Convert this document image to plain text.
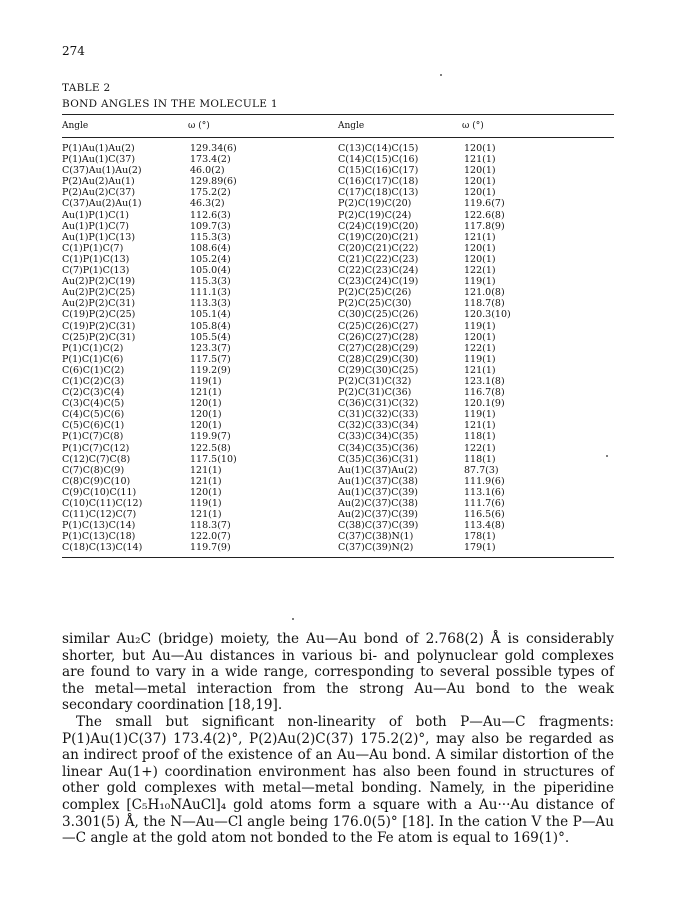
274
TABLE 2
BOND ANGLES IN THE MOLECULE 1
Angle	ω (°)	Angle	ω (°)
P(1)Au(1)Au(2)	129.34(6)	C(13)C(14)C(15)	120(1)
P(1)Au(1)C(37)	173.4(2)	C(14)C(15)C(16)	121(1)
C(37)Au(1)Au(2)	46.0(2)	C(15)C(16)C(17)	120(1)
P(2)Au(2)Au(1)	129.89(6)	C(16)C(17)C(18)	120(1)
P(2)Au(2)C(37)	175.2(2)	C(17)C(18)C(13)	120(1)
C(37)Au(2)Au(1)	46.3(2)	P(2)C(19)C(20)	119.6(7)
Au(1)P(1)C(1)	112.6(3)	P(2)C(19)C(24)	122.6(8)
Au(1)P(1)C(7)	109.7(3)	C(24)C(19)C(20)	117.8(9)
Au(1)P(1)C(13)	115.3(3)	C(19)C(20)C(21)	121(1)
C(1)P(1)C(7)	108.6(4)	C(20)C(21)C(22)	120(1)
C(1)P(1)C(13)	105.2(4)	C(21)C(22)C(23)	120(1)
C(7)P(1)C(13)	105.0(4)	C(22)C(23)C(24)	122(1)
Au(2)P(2)C(19)	115.3(3)	C(23)C(24)C(19)	119(1)
Au(2)P(2)C(25)	111.1(3)	P(2)C(25)C(26)	121.0(8)
Au(2)P(2)C(31)	113.3(3)	P(2)C(25)C(30)	118.7(8)
C(19)P(2)C(25)	105.1(4)	C(30)C(25)C(26)	120.3(10)
C(19)P(2)C(31)	105.8(4)	C(25)C(26)C(27)	119(1)
C(25)P(2)C(31)	105.5(4)	C(26)C(27)C(28)	120(1)
P(1)C(1)C(2)	123.3(7)	C(27)C(28)C(29)	122(1)
P(1)C(1)C(6)	117.5(7)	C(28)C(29)C(30)	119(1)
C(6)C(1)C(2)	119.2(9)	C(29)C(30)C(25)	121(1)
C(1)C(2)C(3)	119(1)	P(2)C(31)C(32)	123.1(8)
C(2)C(3)C(4)	121(1)	P(2)C(31)C(36)	116.7(8)
C(3)C(4)C(5)	120(1)	C(36)C(31)C(32)	120.1(9)
C(4)C(5)C(6)	120(1)	C(31)C(32)C(33)	119(1)
C(5)C(6)C(1)	120(1)	C(32)C(33)C(34)	121(1)
P(1)C(7)C(8)	119.9(7)	C(33)C(34)C(35)	118(1)
P(1)C(7)C(12)	122.5(8)	C(34)C(35)C(36)	122(1)
C(12)C(7)C(8)	117.5(10)	C(35)C(36)C(31)	118(1)
C(7)C(8)C(9)	121(1)	Au(1)C(37)Au(2)	87.7(3)
C(8)C(9)C(10)	121(1)	Au(1)C(37)C(38)	111.9(6)
C(9)C(10)C(11)	120(1)	Au(1)C(37)C(39)	113.1(6)
C(10)C(11)C(12)	119(1)	Au(2)C(37)C(38)	111.7(6)
C(11)C(12)C(7)	121(1)	Au(2)C(37)C(39)	116.5(6)
P(1)C(13)C(14)	118.3(7)	C(38)C(37)C(39)	113.4(8)
P(1)C(13)C(18)	122.0(7)	C(37)C(38)N(1)	178(1)
C(18)C(13)C(14)	119.7(9)	C(37)C(39)N(2)	179(1)

similar Au₂C (bridge) moiety, the Au—Au bond of 2.768(2) Å is considerably shorter, but Au—Au distances in various bi- and polynuclear gold complexes are found to vary in a wide range, corresponding to several possible types of the metal—metal interaction from the strong Au—Au bond to the weak secondary coordination [18,19].

The small but significant non-linearity of both P—Au—C fragments: P(1)Au(1)C(37) 173.4(2)°, P(2)Au(2)C(37) 175.2(2)°, may also be regarded as an indirect proof of the existence of an Au—Au bond. A similar distortion of the linear Au(1+) coordination environment has also been found in structures of other gold complexes with metal—metal bonding. Namely, in the piperidine complex [C₅H₁₀NAuCl]₄ gold atoms form a square with a Au···Au distance of 3.301(5) Å, the N—Au—Cl angle being 176.0(5)° [18]. In the cation V the P—Au—C angle at the gold atom not bonded to the Fe atom is equal to 169(1)°.
